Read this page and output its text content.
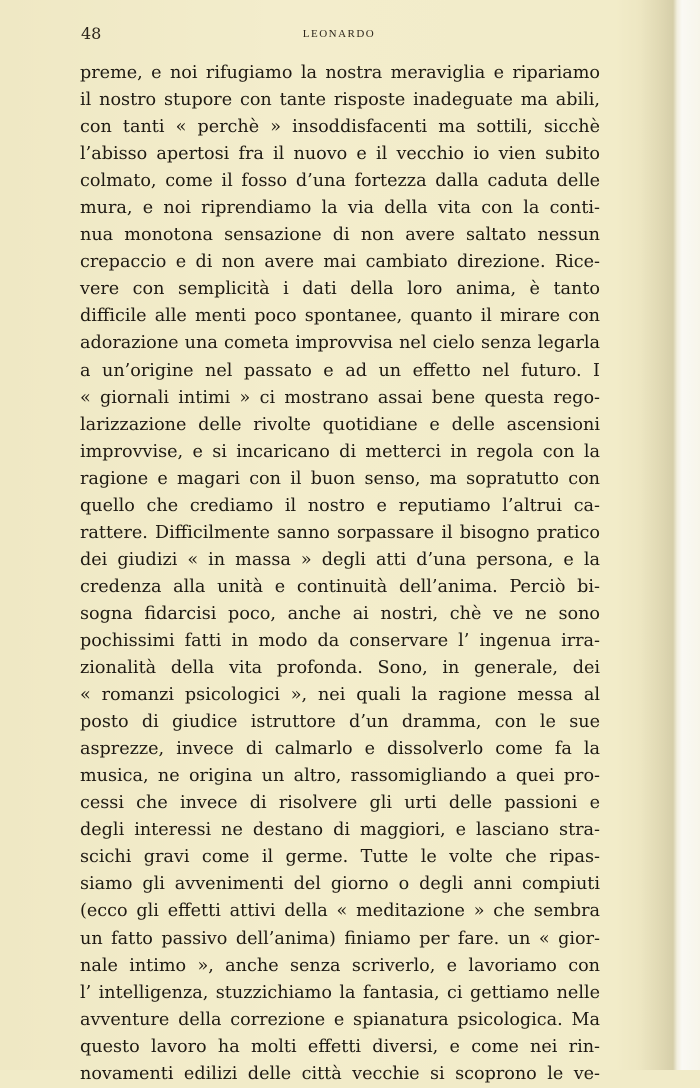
48	LEONARDO
preme, e noi rifugiamo la nostra meraviglia e ripariamo
il nostro stupore con tante risposte inadeguate ma abili,
con tanti « perchè » insoddisfacenti ma sottili, sicchè
l’abisso apertosi fra il nuovo e il vecchio io vien subito
colmato, come il fosso d’una fortezza dalla caduta delle
mura, e noi riprendiamo la via della vita con la conti-
nua monotona sensazione di non avere saltato nessun
crepaccio e di non avere mai cambiato direzione. Rice-
vere con semplicità i dati della loro anima, è tanto
difficile alle menti poco spontanee, quanto il mirare con
adorazione una cometa improvvisa nel cielo senza legarla
a un’origine nel passato e ad un effetto nel futuro. I
« giornali intimi » ci mostrano assai bene questa rego-
larizzazione delle rivolte quotidiane e delle ascensioni
improvvise, e si incaricano di metterci in regola con la
ragione e magari con il buon senso, ma sopratutto con
quello che crediamo il nostro e reputiamo l’altrui ca-
rattere. Difficilmente sanno sorpassare il bisogno pratico
dei giudizi « in massa » degli atti d’una persona, e la
credenza alla unità e continuità dell’anima. Perciò bi-
sogna fidarcisi poco, anche ai nostri, chè ve ne sono
pochissimi fatti in modo da conservare l’ ingenua irra-
zionalità della vita profonda. Sono, in generale, dei
« romanzi psicologici », nei quali la ragione messa al
posto di giudice istruttore d’un dramma, con le sue
asprezze, invece di calmarlo e dissolverlo come fa la
musica, ne origina un altro, rassomigliando a quei pro-
cessi che invece di risolvere gli urti delle passioni e
degli interessi ne destano di maggiori, e lasciano stra-
scichi gravi come il germe. Tutte le volte che ripas-
siamo gli avvenimenti del giorno o degli anni compiuti
(ecco gli effetti attivi della « meditazione » che sembra
un fatto passivo dell’anima) finiamo per fare. un « gior-
nale intimo », anche senza scriverlo, e lavoriamo con
l’ intelligenza, stuzzichiamo la fantasia, ci gettiamo nelle
avventure della correzione e spianatura psicologica. Ma
questo lavoro ha molti effetti diversi, e come nei rin-
novamenti edilizi delle città vecchie si scoprono le ve-
